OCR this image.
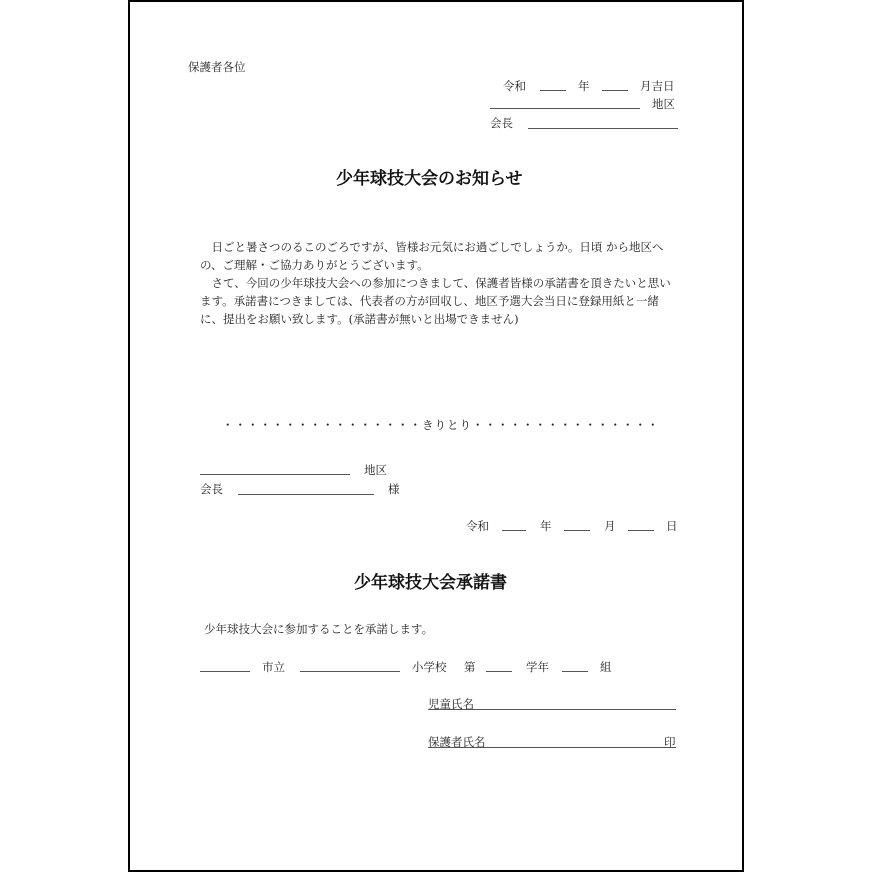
保護者各位
令和	年	月吉日
地区
会長
少年球技大会のお知らせ

日ごと暑さつのるこのごろですが、皆様お元気にお過ごしでしょうか。日頃 から地区への、ご理解・ご協力ありがとうございます。

さて、今回の少年球技大会への参加につきまして、保護者皆様の承諾書を頂きたいと思います。承諾書につきましては、代表者の方が回収し、地区予選大会当日に登録用紙と一緒に、提出をお願い致します。(承諾書が無いと出場できません)

・・・・・・・・・・・・・・・・きりとり・・・・・・・・・・・・・・・
地区
会長	様
令和	年	月	日
少年球技大会承諾書
少年球技大会に参加することを承諾します。
市立	小学校 第	学年	組
児童氏名
保護者氏名	印
